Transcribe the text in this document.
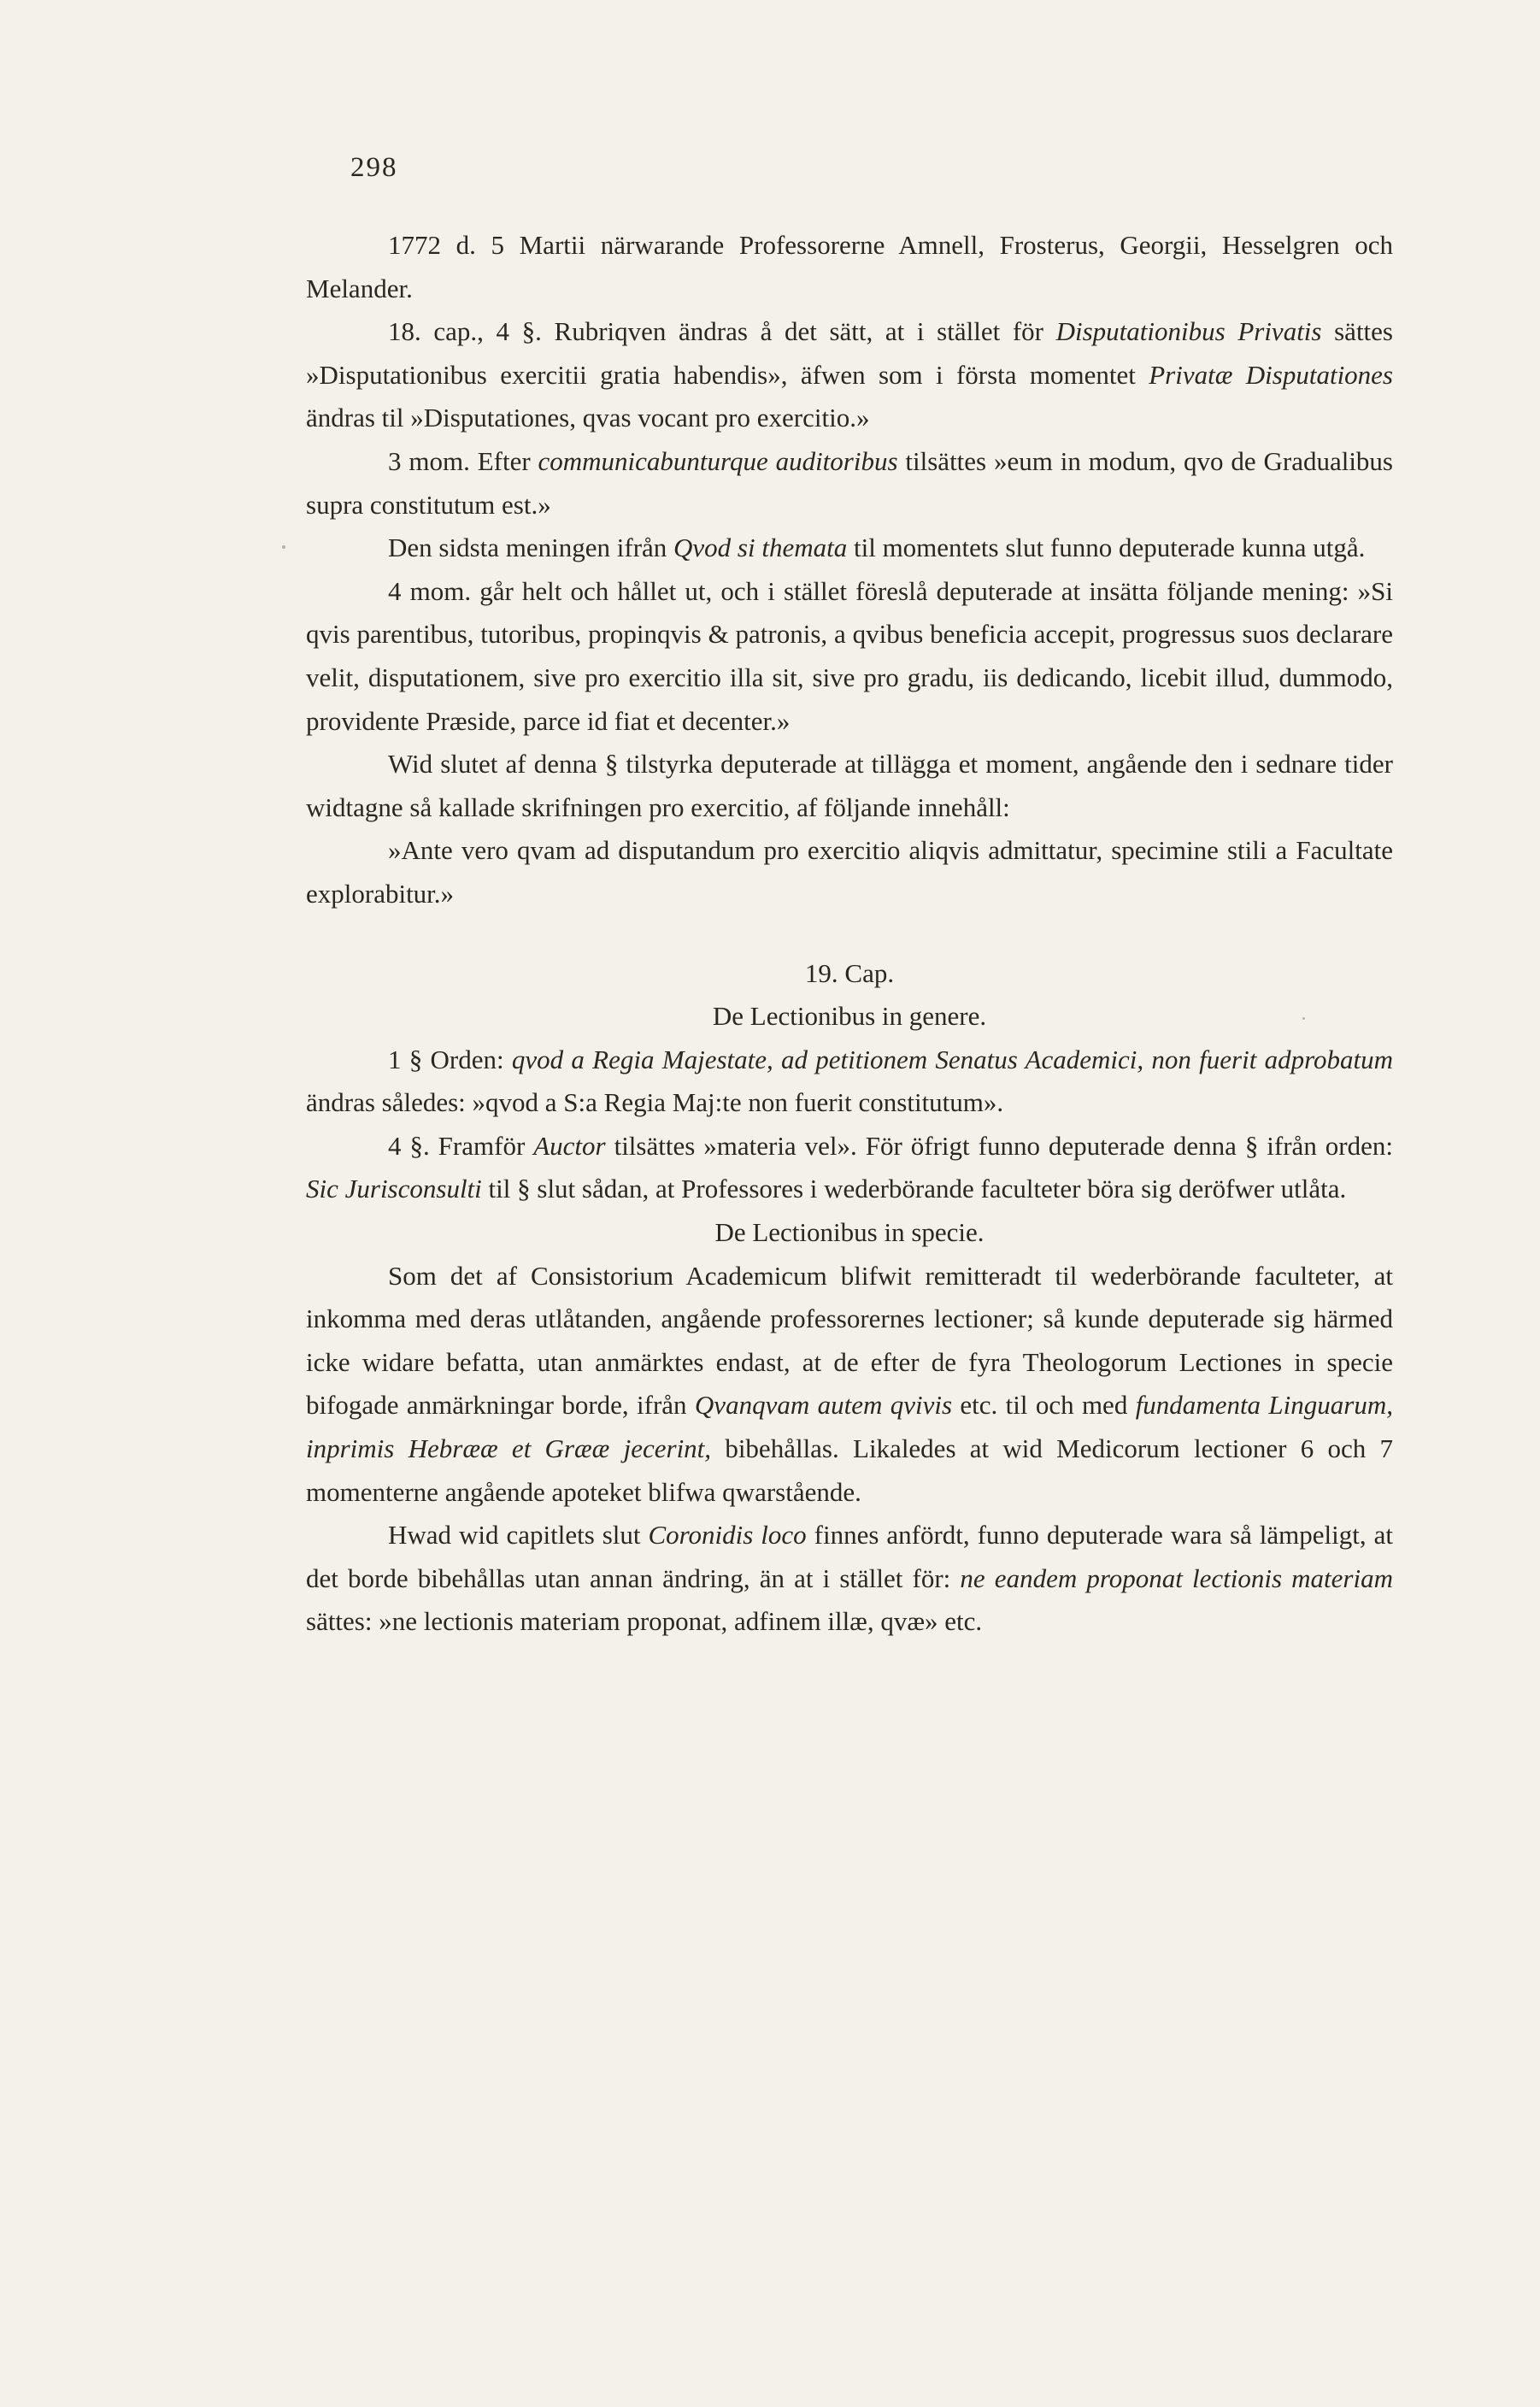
298

1772 d. 5 Martii närwarande Professorerne Amnell, Frosterus, Georgii, Hesselgren och Melander.

18. cap., 4 §. Rubriqven ändras å det sätt, at i stället för Disputationibus Privatis sättes »Disputationibus exercitii gratia habendis», äfwen som i första momentet Privatæ Disputationes ändras til »Disputationes, qvas vocant pro exercitio.»

3 mom. Efter communicabunturque auditoribus tilsättes »eum in modum, qvo de Gradualibus supra constitutum est.»

Den sidsta meningen ifrån Qvod si themata til momentets slut funno deputerade kunna utgå.

4 mom. går helt och hållet ut, och i stället föreslå deputerade at insätta följande mening: »Si qvis parentibus, tutoribus, propinqvis & patronis, a qvibus beneficia accepit, progressus suos declarare velit, disputationem, sive pro exercitio illa sit, sive pro gradu, iis dedicando, licebit illud, dummodo, providente Præside, parce id fiat et decenter.»

Wid slutet af denna § tilstyrka deputerade at tillägga et moment, angående den i sednare tider widtagne så kallade skrifningen pro exercitio, af följande innehåll:

»Ante vero qvam ad disputandum pro exercitio aliqvis admittatur, specimine stili a Facultate explorabitur.»

19. Cap.

De Lectionibus in genere.

1 § Orden: qvod a Regia Majestate, ad petitionem Senatus Academici, non fuerit adprobatum ändras således: »qvod a S:a Regia Maj:te non fuerit constitutum».

4 §. Framför Auctor tilsättes »materia vel». För öfrigt funno deputerade denna § ifrån orden: Sic Jurisconsulti til § slut sådan, at Professores i wederbörande faculteter böra sig deröfwer utlåta.

De Lectionibus in specie.

Som det af Consistorium Academicum blifwit remitteradt til wederbörande faculteter, at inkomma med deras utlåtanden, angående professorernes lectioner; så kunde deputerade sig härmed icke widare befatta, utan anmärktes endast, at de efter de fyra Theologorum Lectiones in specie bifogade anmärkningar borde, ifrån Qvanqvam autem qvivis etc. til och med fundamenta Linguarum, inprimis Hebrææ et Grææ jecerint, bibehållas. Likaledes at wid Medicorum lectioner 6 och 7 momenterne angående apoteket blifwa qwarstående.

Hwad wid capitlets slut Coronidis loco finnes anfördt, funno deputerade wara så lämpeligt, at det borde bibehållas utan annan ändring, än at i stället för: ne eandem proponat lectionis materiam sättes: »ne lectionis materiam proponat, adfinem illæ, qvæ» etc.
